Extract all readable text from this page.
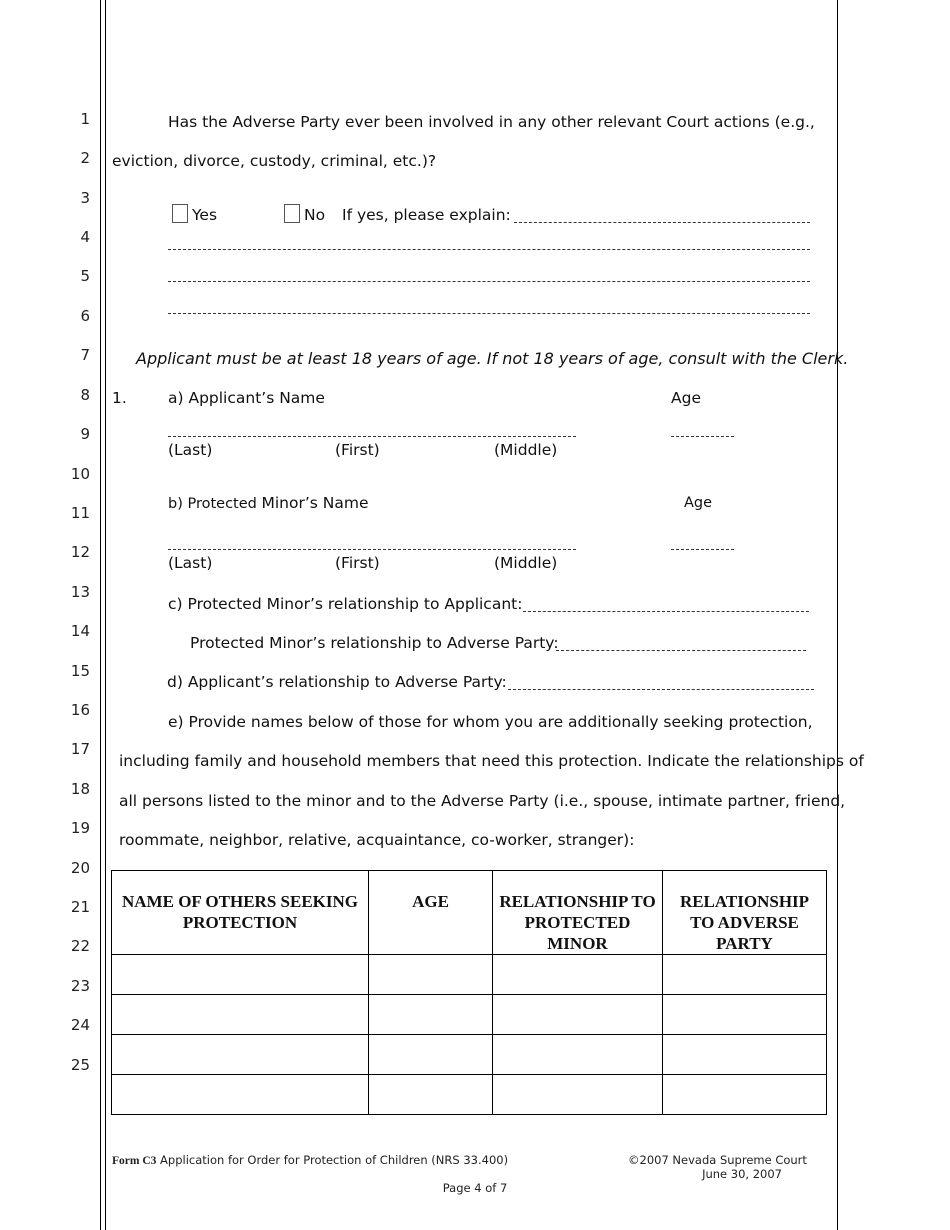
1
2
3
4
5
6
7
8
9
10
11
12
13
14
15
16
17
18
19
20
21
22
23
24
25
Has the Adverse Party ever been involved in any other relevant Court actions (e.g.,
eviction, divorce, custody, criminal, etc.)?
Yes	No If yes, please explain:
Applicant must be at least 18 years of age. If not 18 years of age, consult with the Clerk.
1.	a) Applicant’s Name	Age
(Last)	(First)	(Middle)
b) Protected Minor’s Name	Age
(Last)	(First)	(Middle)
c) Protected Minor’s relationship to Applicant:
Protected Minor’s relationship to Adverse Party:
d) Applicant’s relationship to Adverse Party:
e) Provide names below of those for whom you are additionally seeking protection,
including family and household members that need this protection. Indicate the relationships of
all persons listed to the minor and to the Adverse Party (i.e., spouse, intimate partner, friend,
roommate, neighbor, relative, acquaintance, co-worker, stranger):
NAME OF OTHERS SEEKING PROTECTION	AGE	RELATIONSHIP TO PROTECTED MINOR	RELATIONSHIP TO ADVERSE PARTY

Form C3 Application for Order for Protection of Children (NRS 33.400)	©2007 Nevada Supreme Court
June 30, 2007
Page 4 of 7
